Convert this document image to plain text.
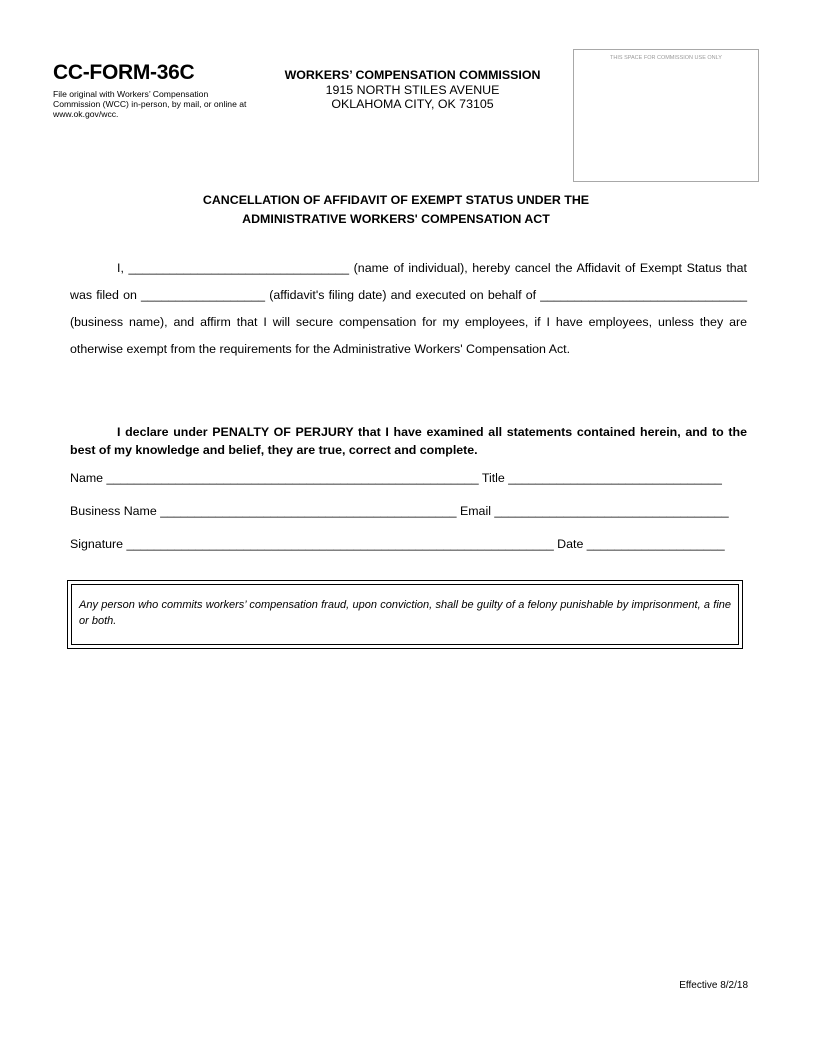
CC-FORM-36C
File original with Workers’ Compensation Commission (WCC) in-person, by mail, or online at www.ok.gov/wcc.
WORKERS’ COMPENSATION COMMISSION
1915 NORTH STILES AVENUE
OKLAHOMA CITY, OK 73105
THIS SPACE FOR COMMISSION USE ONLY
CANCELLATION OF AFFIDAVIT OF EXEMPT STATUS UNDER THE
ADMINISTRATIVE WORKERS' COMPENSATION ACT
I, ________________________________ (name of individual), hereby cancel the Affidavit of Exempt Status that was filed on __________________ (affidavit's filing date) and executed on behalf of ______________________________ (business name), and affirm that I will secure compensation for my employees, if I have employees, unless they are otherwise exempt from the requirements for the Administrative Workers' Compensation Act.
I declare under PENALTY OF PERJURY that I have examined all statements contained herein, and to the best of my knowledge and belief, they are true, correct and complete.
Name ______________________________________________________ Title _______________________________
Business Name ___________________________________________ Email __________________________________
Signature ______________________________________________________________ Date ____________________
Any person who commits workers’ compensation fraud, upon conviction, shall be guilty of a felony punishable by imprisonment, a fine or both.
Effective 8/2/18
